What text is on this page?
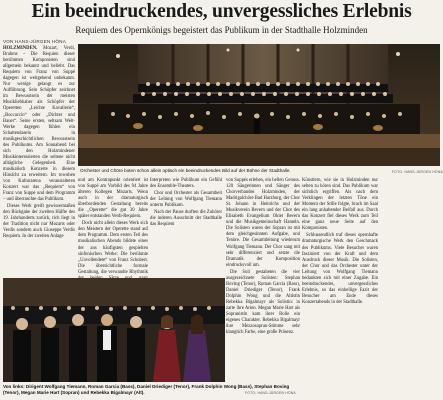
Ein beeindruckendes, unvergessliches Erlebnis
Requiem des Opernkönigs begeistert das Publikum in der Stadthalle Holzminden
VON HANS-JÜRGEN HÖNA

HOLZMINDEN. Mozart, Verdi, Brahms – Die Requien dieser berühmten Komponisten sind allgemein bekannt und beliebt. Das Requiem von Franz von Suppé dagegen ist weitgehend unbekannt. Nur wenige gelangt es zur Aufführung. Sein Schöpfer zeichnet im Bewusstsein der meisten Musikliebhaber als Schöpfer der Operetten „Leichte Kavallerie“, „Boccaccio“ oder „Dichter und Bauer“. Seine ersten, seltsam Welt-Werke dagegen fühlen ein Schattendasein in musikgeschichtlichen Bewusstsein des Publikums. Am Sonnabend bei sich den Holzmindener Musikinteressierten die seltene nicht alltägliche Gelegenheit. Eine musikalisch Konzerte in diesem Hinsicht zu erweitern. Im rowohen von Kulturarena veranstalteten Konzert war das „Requiem“ von Franz von Suppé und dem Programm – und überraschte das Publikum.

Dieses Werk greift gewissermaßen den Rückgabe der zweiten Hälfte des 19. Jahrhunderts zurück, rich liegt in der Tradition nicht nur Mozarts oder Verdis sondern auch Giuseppe Verdis Requiem. In der zweiten Anlage

Orchester und Chöre boten schon allein optisch ein beeindruckendes Bild auf der Bühne der Stadthalle.	FOTO: HANS-JÜRGEN HÖNA

und am Kontrapunkt orientiert ist von Suppé am Vorbild des 94 Jahre älteren Kollegen Mozarts. Wenn auch in der dramaturgisch überbordenden Gestaltung bereits die „Operette“ die gut 30 Jahre später entstanden Verdi-Requiem.

Doch nicht allein dieses Werk sich den Meistern der Operette stand auf dem Programm. Dem ersten Teil des musikalischen Abends bildete eines der ans häufigsten gespielten sinfonischen Werke: Die berühmte „Unvollendete“ von Franz Schubert. Die übersichtliche formale Gestaltung, die verwandte Rhythmik

Interpreten wie Publikum ein Gefühl des Ensemble-Theaters.

Chor und Orchester als Gesamtheit der Leitung von Wolfgang Tiemann unterm Publikum.

Nach der Pause durften die Zuhörer die inderen Ausschnitt der Stadthalle das Requiem

von Suppés erleben, ein hellen Genuss. 120 Sängerinnen und Sänger des Chorverbandes Holzminden, der Madrigalchöre Bad Harzburg, der Chor St. Johann in Heinrichs und der Musikverein Bevern und der Chor des Elisabeth Evangelium Oktet Bevern und die Musikgemeinschaft Hameln. Die Solisten waren der Sopran ist mit dem gleichgesinnten Aufgabe, und Tenöre. Die Gesamtleitung wiederum Wolfgang Tiemann. Der Chor sang mit sehr differenziert und setzte die Dramatik der Komposition eindrucksvoll um.

Die Soli gestalteten die vier ausgezeichnete Solisten: Stephan Boving (Tenor), Roman Garcia (Bass), Daniel Driediger (Tenor), Frank Dolphin Wong und die Altistin Rebekka Bigalmayr als Solistin: in zarte ihre Arien. Megan Marie Hart als Sopranistin kam ihrer Rolle ein eigenes Charakter. Rebekka Bigalmayr ihre Mezzosopran-Stimme sehr klanglich Farbe, eine große Präsenz.

Künstlern, wie sie in Holzminden nur selten zu hören sind. Das Publikum war sichtlich ergriffen. Als nach dem Verklingen der letzten Töne ein Moment der Stille folgte, brach im Saal ein lang anhaltender Beifall aus. Durch das Konzert fiel dieses Werk zum Teil eine ganz neue Seite auf den Komponisten.

Schlussendlich traf dieses opernhafte dramaturgische Werk den Geschmack des Publikums. Viele Besucher waren fasziniert von der Kraft und dem Ausdruck dieser Musik. Die Solisten, der Chor und das Orchester unter der Leitung von Wolfgang Tiemann bedankten sich mit einer Zugabe. Ein beeindruckendes, unvergessliches Erlebnis, so das einhellige Fazit der Besucher am Ende dieses Konzertabends in der Stadthalle.

Von links: Dirigent Wolfgang Tiemann, Roman Garcia (Bass), Daniel Driediger (Tenor), Frank Dolphin Wong (Bass), Stephan Boving (Tenor), Megan Marie Hart (Sopran) und Rebekka Bigalmayr (Alt).	FOTO: HANS-JÜRGEN HÖNA
